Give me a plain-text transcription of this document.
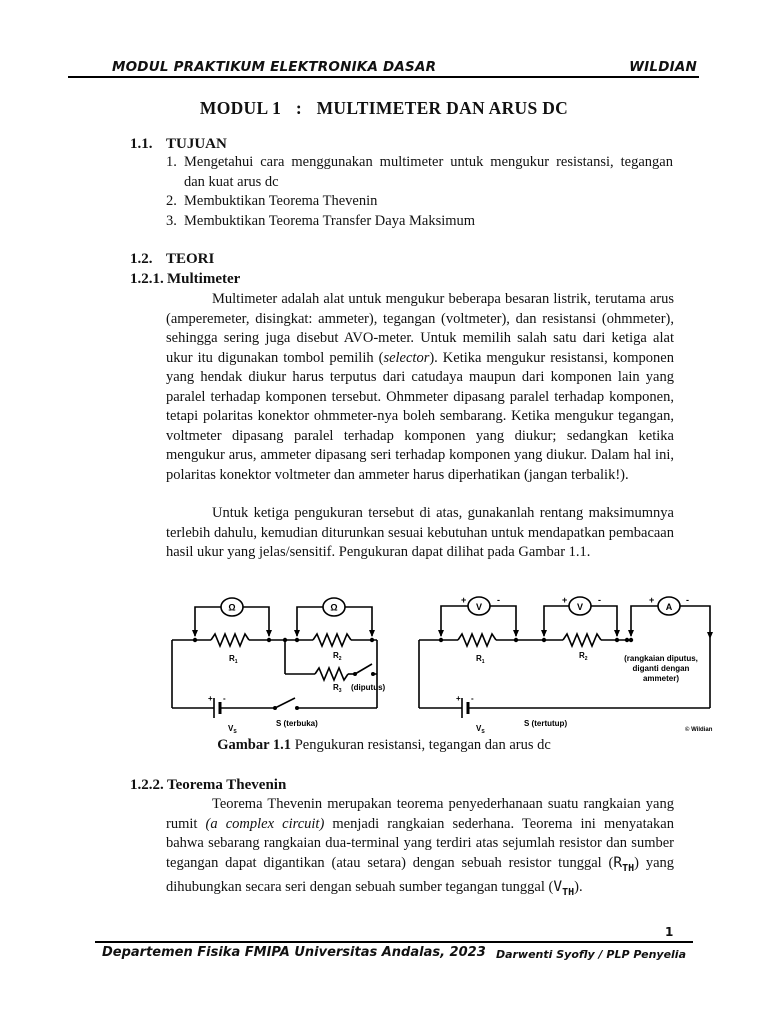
MODUL PRAKTIKUM ELEKTRONIKA DASAR	WILDIAN
MODUL 1 : MULTIMETER DAN ARUS DC
1.1. TUJUAN
1. Mengetahui cara menggunakan multimeter untuk mengukur resistansi, tegangan dan kuat arus dc
2. Membuktikan Teorema Thevenin
3. Membuktikan Teorema Transfer Daya Maksimum
1.2. TEORI
1.2.1. Multimeter

Multimeter adalah alat untuk mengukur beberapa besaran listrik, terutama arus (amperemeter, disingkat: ammeter), tegangan (voltmeter), dan resistansi (ohmmeter), sehingga sering juga disebut AVO-meter. Untuk memilih salah satu dari ketiga alat ukur itu digunakan tombol pemilih (selector). Ketika mengukur resistansi, komponen yang hendak diukur harus terputus dari catudaya maupun dari komponen lain yang paralel terhadap komponen tersebut. Ohmmeter dipasang paralel terhadap komponen, tetapi polaritas konektor ohmmeter-nya boleh sembarang. Ketika mengukur tegangan, voltmeter dipasang paralel terhadap komponen yang diukur; sedangkan ketika mengukur arus, ammeter dipasang seri terhadap komponen yang diukur. Dalam hal ini, polaritas konektor voltmeter dan ammeter harus diperhatikan (jangan terbalik!).

Untuk ketiga pengukuran tersebut di atas, gunakanlah rentang maksimumnya terlebih dahulu, kemudian diturunkan sesuai kebutuhan untuk mendapatkan pembacaan hasil ukur yang jelas/sensitif. Pengukuran dapat dilihat pada Gambar 1.1.

Ω	Ω	V	V	A
+	-	+	-	+	-
$R_1$
$R_2$
$R_3$ (diputus)
+ -
$V_S$
S (terbuka)
$R_1$
$R_2$	(rangkaian diputus,
diganti dengan
ammeter)
+ -
$V_S$
S (tertutup)
© Wildian
Gambar 1.1 Pengukuran resistansi, tegangan dan arus dc
1.2.2. Teorema Thevenin

Teorema Thevenin merupakan teorema penyederhanaan suatu rangkaian yang rumit (a complex circuit) menjadi rangkaian sederhana. Teorema ini menyatakan bahwa sebarang rangkaian dua-terminal yang terdiri atas sejumlah resistor dan sumber tegangan dapat digantikan (atau setara) dengan sebuah resistor tunggal $(R_{TH})$ yang dihubungkan secara seri dengan sebuah sumber tegangan tunggal $(V_{TH})$.

1
Departemen Fisika FMIPA Universitas Andalas, 2023 Darwenti Syofly / PLP Penyelia
